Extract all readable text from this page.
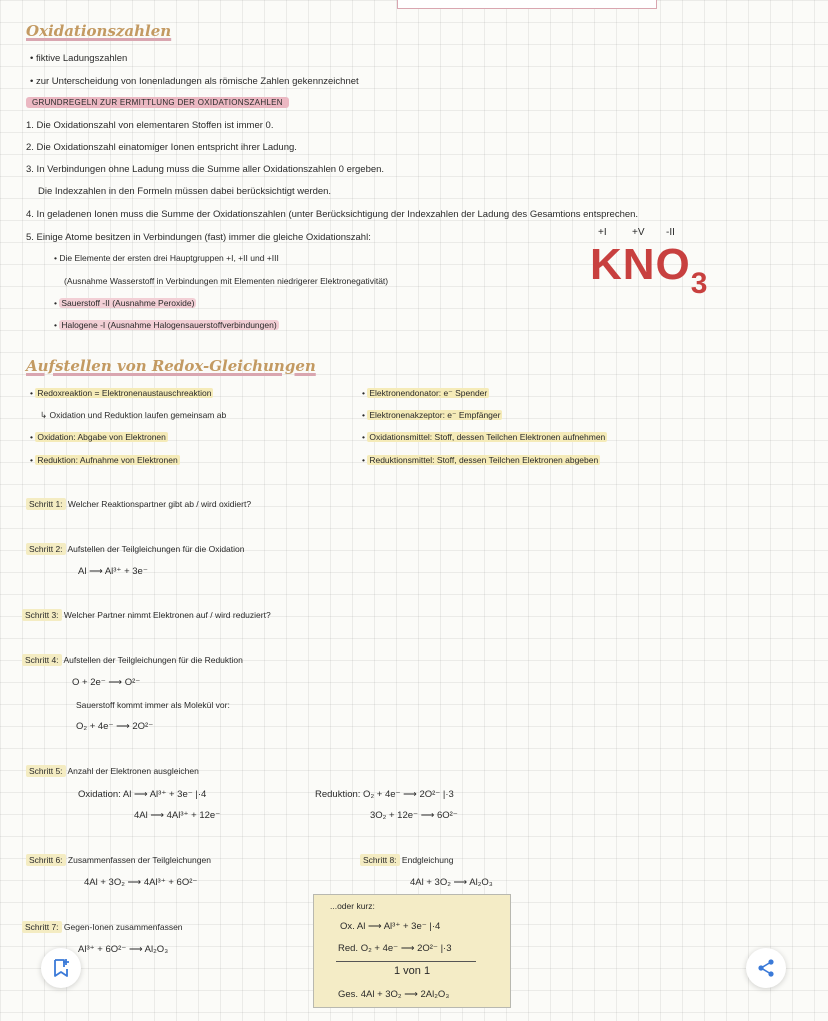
Oxidationszahlen
• fiktive Ladungszahlen
• zur Unterscheidung von Ionenladungen als römische Zahlen gekennzeichnet
GRUNDREGELN ZUR ERMITTLUNG DER OXIDATIONSZAHLEN
1. Die Oxidationszahl von elementaren Stoffen ist immer 0.
2. Die Oxidationszahl einatomiger Ionen entspricht ihrer Ladung.
3. In Verbindungen ohne Ladung muss die Summe aller Oxidationszahlen 0 ergeben.
Die Indexzahlen in den Formeln müssen dabei berücksichtigt werden.
4. In geladenen Ionen muss die Summe der Oxidationszahlen (unter Berücksichtigung der Indexzahlen der Ladung des Gesamtions entsprechen.
5. Einige Atome besitzen in Verbindungen (fast) immer die gleiche Oxidationszahl:
• Die Elemente der ersten drei Hauptgruppen +I, +II und +III
(Ausnahme Wasserstoff in Verbindungen mit Elementen niedrigerer Elektronegativität)
• Sauerstoff -II (Ausnahme Peroxide)
• Halogene -I (Ausnahme Halogensauerstoffverbindungen)
+I	+V -II
$KNO_3$
Aufstellen von Redox-Gleichungen
• Redoxreaktion = Elektronenaustauschreaktion
↳ Oxidation und Reduktion laufen gemeinsam ab
• Oxidation: Abgabe von Elektronen
• Reduktion: Aufnahme von Elektronen
• Elektronendonator: e⁻ Spender
• Elektronenakzeptor: e⁻ Empfänger
• Oxidationsmittel: Stoff, dessen Teilchen Elektronen aufnehmen
• Reduktionsmittel: Stoff, dessen Teilchen Elektronen abgeben
Schritt 1: Welcher Reaktionspartner gibt ab / wird oxidiert?
Schritt 2: Aufstellen der Teilgleichungen für die Oxidation
Al ⟶ Al³⁺ + 3e⁻
Schritt 3: Welcher Partner nimmt Elektronen auf / wird reduziert?
Schritt 4: Aufstellen der Teilgleichungen für die Reduktion
O + 2e⁻ ⟶ O²⁻
Sauerstoff kommt immer als Molekül vor:
O₂ + 4e⁻ ⟶ 2O²⁻
Schritt 5: Anzahl der Elektronen ausgleichen
Oxidation: Al ⟶ Al³⁺ + 3e⁻ |·4
4Al ⟶ 4Al³⁺ + 12e⁻
Reduktion: O₂ + 4e⁻ ⟶ 2O²⁻ |·3
3O₂ + 12e⁻ ⟶ 6O²⁻
Schritt 6: Zusammenfassen der Teilgleichungen
4Al + 3O₂ ⟶ 4Al³⁺ + 6O²⁻
Schritt 8: Endgleichung
4Al + 3O₂ ⟶ Al₂O₃
Schritt 7: Gegen-Ionen zusammenfassen
Al³⁺ + 6O²⁻ ⟶ Al₂O₃
...oder kurz:
Ox. Al ⟶ Al³⁺ + 3e⁻ |·4
Red. O₂ + 4e⁻ ⟶ 2O²⁻ |·3
1 von 1
Ges. 4Al + 3O₂ ⟶ 2Al₂O₃
